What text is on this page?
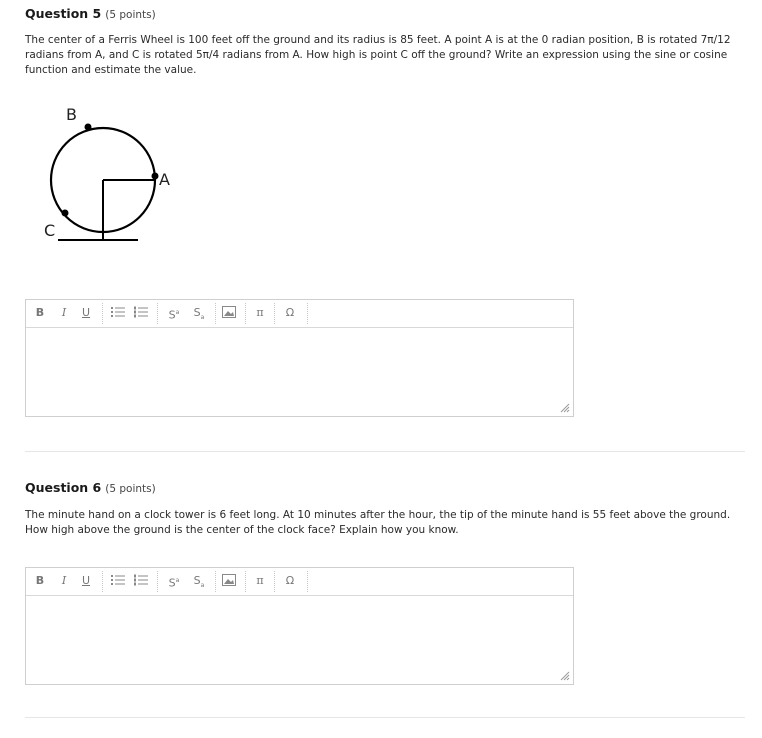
Question 5 (5 points)
The center of a Ferris Wheel is 100 feet off the ground and its radius is 85 feet. A point A is at the 0 radian position, B is rotated 7π/12 radians from A, and C is rotated 5π/4 radians from A. How high is point C off the ground? Write an expression using the sine or cosine function and estimate the value.
A
B
C
B	I	U	$S^a$	$S_a$	π	Ω
Question 6 (5 points)
The minute hand on a clock tower is 6 feet long. At 10 minutes after the hour, the tip of the minute hand is 55 feet above the ground. How high above the ground is the center of the clock face? Explain how you know.
B	I	U	$S^a$	$S_a$	π	Ω
